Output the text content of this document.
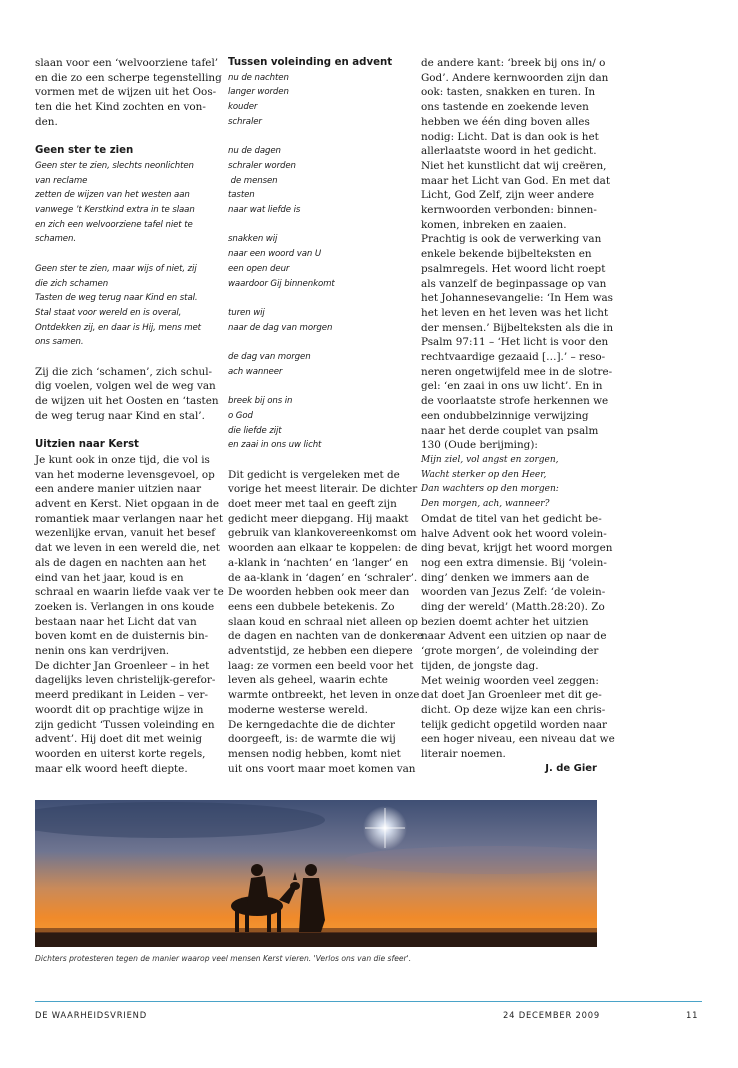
slaan voor een ‘welvoorziene tafel’
en die zo een scherpe tegenstelling
vormen met de wijzen uit het Oos-
ten die het Kind zochten en von-
den.

Geen ster te zien

Geen ster te zien, slechts neonlichten
van reclame
zetten de wijzen van het westen aan
vanwege ’t Kerstkind extra in te slaan
en zich een welvoorziene tafel niet te
schamen.
Geen ster te zien, maar wijs of niet, zij
die zich schamen
Tasten de weg terug naar Kind en stal.
Stal staat voor wereld en is overal,
Ontdekken zij, en daar is Hij, mens met
ons samen.
Zij die zich ‘schamen’, zich schul-
dig voelen, volgen wel de weg van
de wijzen uit het Oosten en ‘tasten
de weg terug naar Kind en stal’.

Uitzien naar Kerst

Je kunt ook in onze tijd, die vol is
van het moderne levensgevoel, op
een andere manier uitzien naar
advent en Kerst. Niet opgaan in de
romantiek maar verlangen naar het
wezenlijke ervan, vanuit het besef
dat we leven in een wereld die, net
als de dagen en nachten aan het
eind van het jaar, koud is en
schraal en waarin liefde vaak ver te
zoeken is. Verlangen in ons koude
bestaan naar het Licht dat van
boven komt en de duisternis bin-
nenin ons kan verdrijven.
De dichter Jan Groenleer – in het
dagelijks leven christelijk-gerefor-
meerd predikant in Leiden – ver-
woordt dit op prachtige wijze in
zijn gedicht ‘Tussen voleinding en
advent’. Hij doet dit met weinig
woorden en uiterst korte regels,
maar elk woord heeft diepte.

Tussen voleinding en advent

nu de nachten
langer worden
kouder
schraler
nu de dagen
schraler worden
de mensen
tasten
naar wat liefde is
snakken wij
naar een woord van U
een open deur
waardoor Gij binnenkomt
turen wij
naar de dag van morgen
de dag van morgen
ach wanneer
breek bij ons in
o God
die liefde zijt
en zaai in ons uw licht
Dit gedicht is vergeleken met de
vorige het meest literair. De dichter
doet meer met taal en geeft zijn
gedicht meer diepgang. Hij maakt
gebruik van klankovereenkomst om
woorden aan elkaar te koppelen: de
a-klank in ‘nachten’ en ‘langer’ en
de aa-klank in ‘dagen’ en ‘schraler’.
De woorden hebben ook meer dan
eens een dubbele betekenis. Zo
slaan koud en schraal niet alleen op
de dagen en nachten van de donkere
adventstijd, ze hebben een diepere
laag: ze vormen een beeld voor het
leven als geheel, waarin echte
warmte ontbreekt, het leven in onze
moderne westerse wereld.
De kerngedachte die de dichter
doorgeeft, is: de warmte die wij
mensen nodig hebben, komt niet
uit ons voort maar moet komen van
de andere kant: ‘breek bij ons in/ o
God’. Andere kernwoorden zijn dan
ook: tasten, snakken en turen. In
ons tastende en zoekende leven
hebben we één ding boven alles
nodig: Licht. Dat is dan ook is het
allerlaatste woord in het gedicht.
Niet het kunstlicht dat wij creëren,
maar het Licht van God. En met dat
Licht, God Zelf, zijn weer andere
kernwoorden verbonden: binnen-
komen, inbreken en zaaien.
Prachtig is ook de verwerking van
enkele bekende bijbelteksten en
psalmregels. Het woord licht roept
als vanzelf de beginpassage op van
het Johannesevangelie: ‘In Hem was
het leven en het leven was het licht
der mensen.’ Bijbelteksten als die in
Psalm 97:11 – ‘Het licht is voor den
rechtvaardige gezaaid […].’ – reso-
neren ongetwijfeld mee in de slotre-
gel: ‘en zaai in ons uw licht’. En in
de voorlaatste strofe herkennen we
een ondubbelzinnige verwijzing
naar het derde couplet van psalm
130 (Oude berijming):
Mijn ziel, vol angst en zorgen,
Wacht sterker op den Heer,
Dan wachters op den morgen:
Den morgen, ach, wanneer?
Omdat de titel van het gedicht be-
halve Advent ook het woord volein-
ding bevat, krijgt het woord morgen
nog een extra dimensie. Bij ‘volein-
ding’ denken we immers aan de
woorden van Jezus Zelf: ‘de volein-
ding der wereld’ (Matth.28:20). Zo
bezien doemt achter het uitzien
naar Advent een uitzien op naar de
‘grote morgen’, de voleinding der
tijden, de jongste dag.
Met weinig woorden veel zeggen:
dat doet Jan Groenleer met dit ge-
dicht. Op deze wijze kan een chris-
telijk gedicht opgetild worden naar
een hoger niveau, een niveau dat we
literair noemen.

J. de Gier

Dichters protesteren tegen de manier waarop veel mensen Kerst vieren. 'Verlos ons van die sfeer'.

DE WAARHEIDSVRIEND	24 DECEMBER 2009	11
